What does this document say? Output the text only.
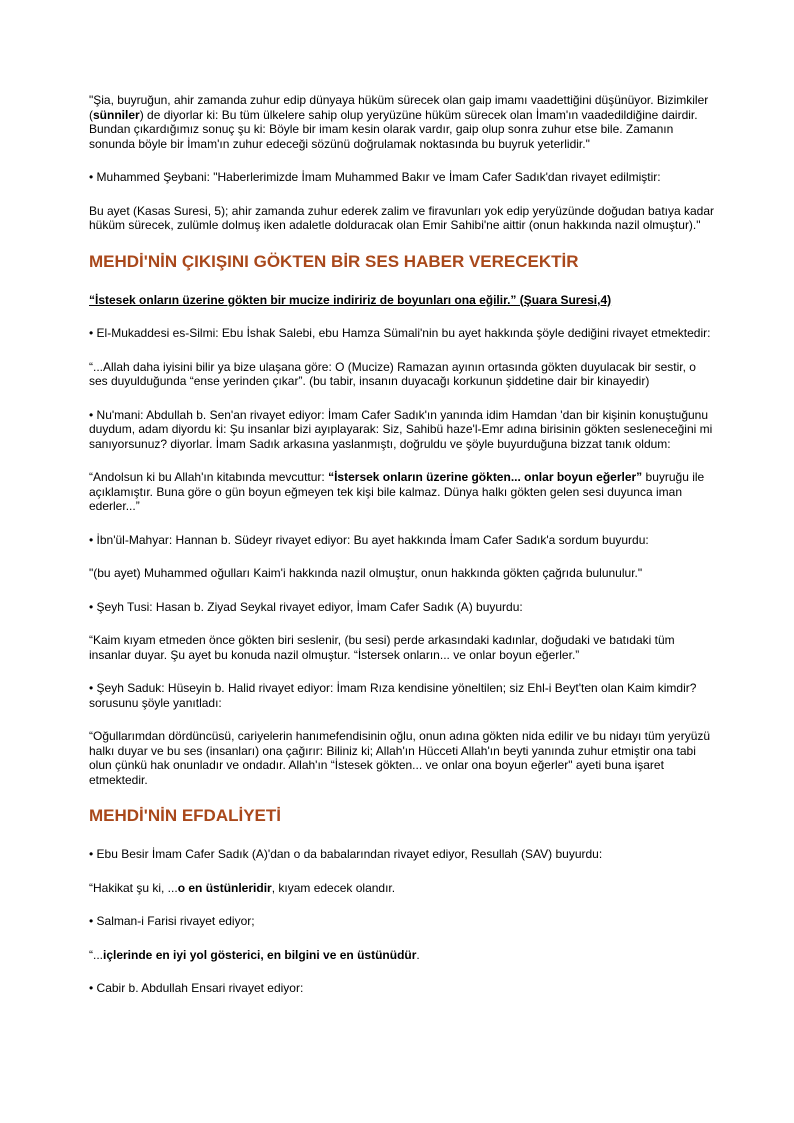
"Şia, buyruğun, ahir zamanda zuhur edip dünyaya hüküm sürecek olan gaip imamı vaadettiğini düşünüyor. Bizimkiler (sünniler) de diyorlar ki: Bu tüm ülkelere sahip olup yeryüzüne hüküm sürecek olan İmam'ın vaadedildiğine dairdir. Bundan çıkardığımız sonuç şu ki: Böyle bir imam kesin olarak vardır, gaip olup sonra zuhur etse bile. Zamanın sonunda böyle bir İmam'ın zuhur edeceği sözünü doğrulamak noktasında bu buyruk yeterlidir."

• Muhammed Şeybani: "Haberlerimizde İmam Muhammed Bakır ve İmam Cafer Sadık'dan rivayet edilmiştir:

Bu ayet (Kasas Suresi, 5); ahir zamanda zuhur ederek zalim ve firavunları yok edip yeryüzünde doğudan batıya kadar hüküm sürecek, zulümle dolmuş iken adaletle dolduracak olan Emir Sahibi'ne aittir (onun hakkında nazil olmuştur)."

MEHDİ'NİN ÇIKIŞINI GÖKTEN BİR SES HABER VERECEKTİR

“İstesek onların üzerine gökten bir mucize indiririz de boyunları ona eğilir.” (Şuara Suresi,4)

• El-Mukaddesi es-Silmi: Ebu İshak Salebi, ebu Hamza Sümali'nin bu ayet hakkında şöyle dediğini rivayet etmektedir:

“...Allah daha iyisini bilir ya bize ulaşana göre: O (Mucize) Ramazan ayının ortasında gökten duyulacak bir sestir, o ses duyulduğunda “ense yerinden çıkar”. (bu tabir, insanın duyacağı korkunun şiddetine dair bir kinayedir)

• Nu'mani: Abdullah b. Sen'an rivayet ediyor: İmam Cafer Sadık'ın yanında idim Hamdan 'dan bir kişinin konuştuğunu duydum, adam diyordu ki: Şu insanlar bizi ayıplayarak: Siz, Sahibü haze'l-Emr adına birisinin gökten sesleneceğini mi sanıyorsunuz? diyorlar. İmam Sadık arkasına yaslanmıştı, doğruldu ve şöyle buyurduğuna bizzat tanık oldum:

“Andolsun ki bu Allah'ın kitabında mevcuttur: “İstersek onların üzerine gökten... onlar boyun eğerler” buyruğu ile açıklamıştır. Buna göre o gün boyun eğmeyen tek kişi bile kalmaz. Dünya halkı gökten gelen sesi duyunca iman ederler...”

• İbn'ül-Mahyar: Hannan b. Südeyr rivayet ediyor: Bu ayet hakkında İmam Cafer Sadık'a sordum buyurdu:

"(bu ayet) Muhammed oğulları Kaim'i hakkında nazil olmuştur, onun hakkında gökten çağrıda bulunulur."

• Şeyh Tusi: Hasan b. Ziyad Seykal rivayet ediyor, İmam Cafer Sadık (A) buyurdu:

“Kaim kıyam etmeden önce gökten biri seslenir, (bu sesi) perde arkasındaki kadınlar, doğudaki ve batıdaki tüm insanlar duyar. Şu ayet bu konuda nazil olmuştur. “İstersek onların... ve onlar boyun eğerler.”

• Şeyh Saduk: Hüseyin b. Halid rivayet ediyor: İmam Rıza kendisine yöneltilen; siz Ehl-i Beyt'ten olan Kaim kimdir? sorusunu şöyle yanıtladı:

“Oğullarımdan dördüncüsü, cariyelerin hanımefendisinin oğlu, onun adına gökten nida edilir ve bu nidayı tüm yeryüzü halkı duyar ve bu ses (insanları) ona çağırır: Biliniz ki; Allah'ın Hücceti Allah'ın beyti yanında zuhur etmiştir ona tabi olun çünkü hak onunladır ve ondadır. Allah'ın “İstesek gökten... ve onlar ona boyun eğerler" ayeti buna işaret etmektedir.

MEHDİ'NİN EFDALİYETİ

• Ebu Besir İmam Cafer Sadık (A)'dan o da babalarından rivayet ediyor, Resullah (SAV) buyurdu:

“Hakikat şu ki, ...o en üstünleridir, kıyam edecek olandır.

• Salman-i Farisi rivayet ediyor;

“...içlerinde en iyi yol gösterici, en bilgini ve en üstünüdür.

• Cabir b. Abdullah Ensari rivayet ediyor:
